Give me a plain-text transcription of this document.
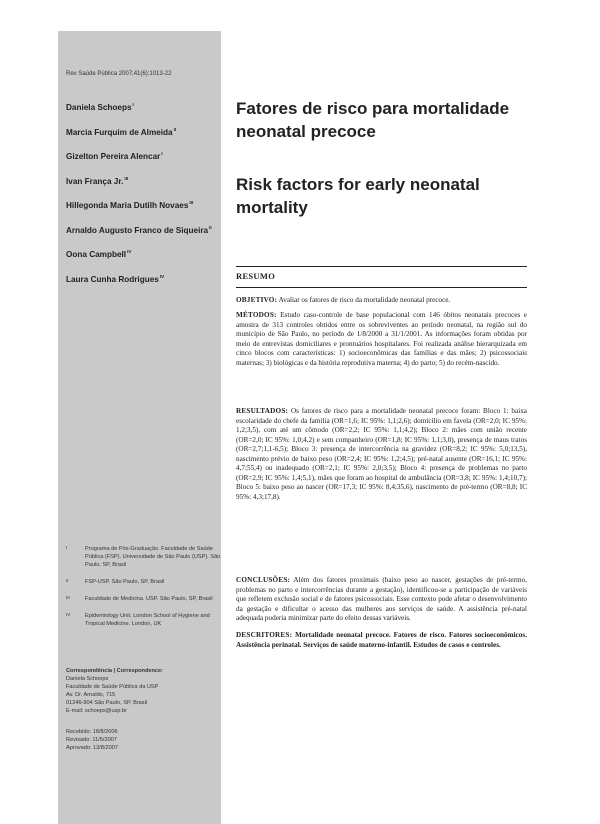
Rev Saúde Pública 2007;41(6):1013-22
Daniela Schoeps$^I$
Marcia Furquim de Almeida$^{II}$
Gizelton Pereira Alencar$^I$
Ivan França Jr.$^{III}$
Hillegonda Maria Dutilh Novaes$^{III}$
Arnaldo Augusto Franco de Siqueira$^{II}$
Oona Campbell$^{IV}$
Laura Cunha Rodrigues$^{IV}$
I	Programa de Pós-Graduação. Faculdade de Saúde Pública (FSP). Universidade de São Paulo (USP). São Paulo, SP, Brasil
II	FSP-USP. São Paulo, SP, Brasil
III	Faculdade de Medicina. USP. São Paulo, SP, Brasil
IV	Epidemiology Unit. London School of Hygiene and Tropical Medicine. London, UK
Correspondência | Correspondence:
Daniela Schoeps
Faculdade de Saúde Pública da USP
Av. Dr. Arnaldo, 715
01246-904 São Paulo, SP, Brasil
E-mail: schoeps@usp.br
Recebido: 18/8/2006
Revisado: 11/5/2007
Aprovado: 13/8/2007
Fatores de risco para mortalidade neonatal precoce
Risk factors for early neonatal mortality
RESUMO
OBJETIVO: Avaliar os fatores de risco da mortalidade neonatal precoce.
MÉTODOS: Estudo caso-controle de base populacional com 146 óbitos neonatais precoces e amostra de 313 controles obtidos entre os sobreviventes ao período neonatal, na região sul do município de São Paulo, no período de 1/8/2000 a 31/1/2001. As informações foram obtidas por meio de entrevistas domiciliares e prontuários hospitalares. Foi realizada análise hierarquizada em cinco blocos com características: 1) socioeconômicas das famílias e das mães; 2) psicossociais maternas; 3) biológicas e da história reprodutiva materna; 4) do parto; 5) do recém-nascido.
RESULTADOS: Os fatores de risco para a mortalidade neonatal precoce foram: Bloco 1: baixa escolaridade do chefe da família (OR=1,6; IC 95%: 1,1;2,6); domicílio em favela (OR=2,0; IC 95%: 1,2;3,5), com até um cômodo (OR=2,2; IC 95%: 1,1;4,2); Bloco 2: mães com união recente (OR=2,0; IC 95%: 1,0;4,2) e sem companheiro (OR=1,8; IC 95%: 1,1;3,0), presença de maus tratos (OR=2,7;1,1-6,5); Bloco 3: presença de intercorrência na gravidez (OR=8,2; IC 95%: 5,0;13,5), nascimento prévio de baixo peso (OR=2,4; IC 95%: 1,2;4,5); pré-natal ausente (OR=16,1; IC 95%: 4,7;55,4) ou inadequado (OR=2,1; IC 95%: 2,0;3,5); Bloco 4: presença de problemas no parto (OR=2,9; IC 95%: 1,4;5,1), mães que foram ao hospital de ambulância (OR=3,8; IC 95%: 1,4;10,7); Bloco 5: baixo peso ao nascer (OR=17,3; IC 95%: 8,4;35,6), nascimento de pré-termo (OR=8,8; IC 95%: 4,3;17,8).
CONCLUSÕES: Além dos fatores proximais (baixo peso ao nascer, gestações de pré-termo, problemas no parto e intercorrências durante a gestação), identificou-se a participação de variáveis que refletem exclusão social e de fatores psicossociais. Esse contexto pode afetar o desenvolvimento da gestação e dificultar o acesso das mulheres aos serviços de saúde. A assistência pré-natal adequada poderia minimizar parte do efeito dessas variáveis.
DESCRITORES: Mortalidade neonatal precoce. Fatores de risco. Fatores socioeconômicos. Assistência perinatal. Serviços de saúde materno-infantil. Estudos de casos e controles.
